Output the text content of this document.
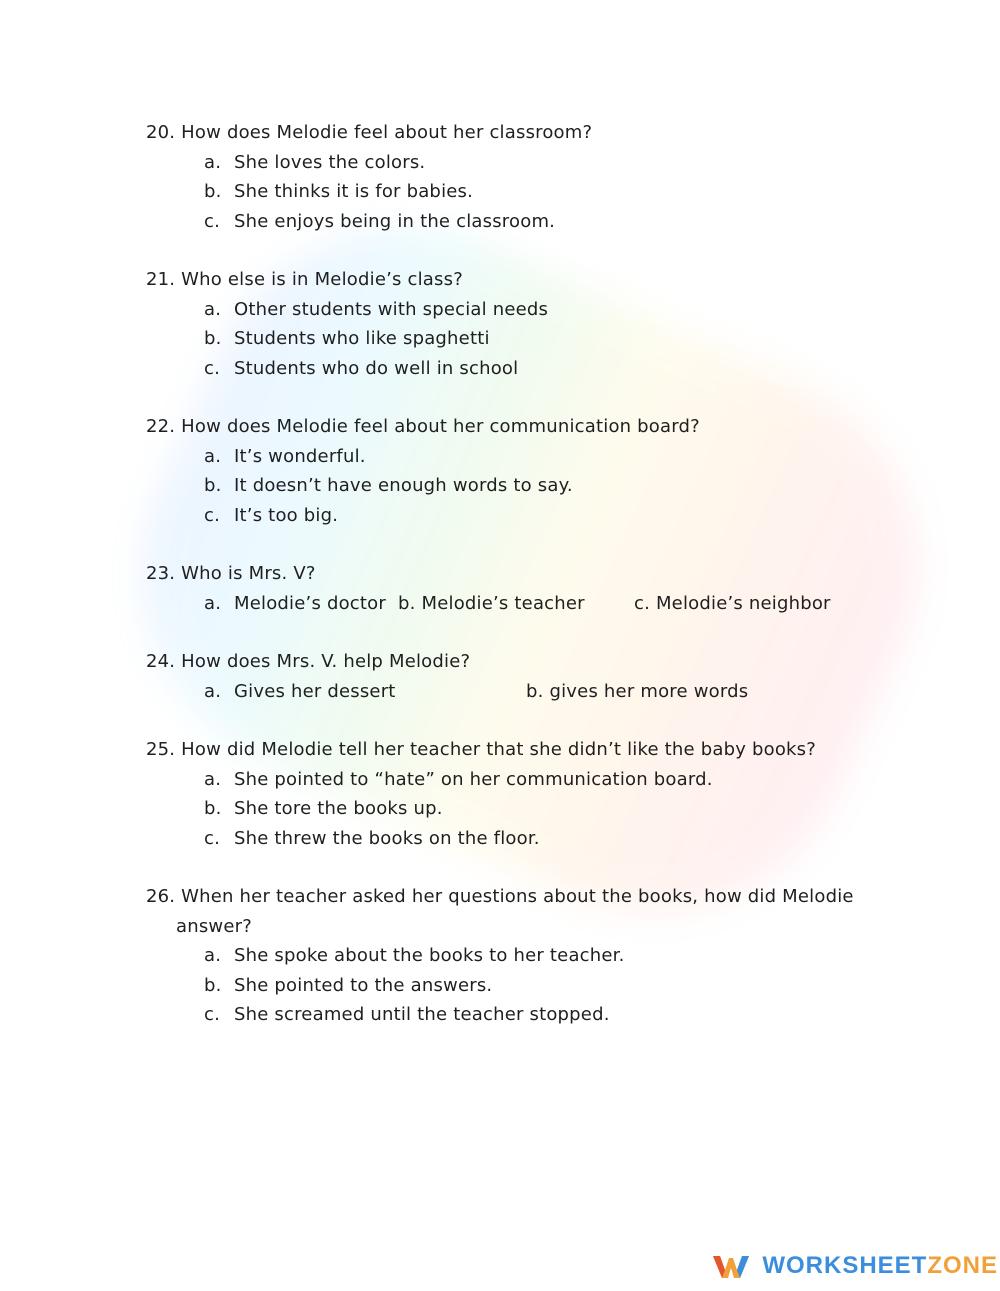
20. How does Melodie feel about her classroom?
a. She loves the colors.
b. She thinks it is for babies.
c. She enjoys being in the classroom.
21. Who else is in Melodie’s class?
a. Other students with special needs
b. Students who like spaghetti
c. Students who do well in school
22. How does Melodie feel about her communication board?
a. It’s wonderful.
b. It doesn’t have enough words to say.
c. It’s too big.
23. Who is Mrs. V?
a. Melodie’s doctor b.
Melodie’s teacher	c.
Melodie’s neighbor
24. How does Mrs. V. help Melodie?
a. Gives her dessert	b.
gives her more words
25. How did Melodie tell her teacher that she didn’t like the baby books?
a. She pointed to “hate” on her communication board.
b. She tore the books up.
c. She threw the books on the floor.
26. When her teacher asked her questions about the books, how did Melodie
answer?
a. She spoke about the books to her teacher.
b. She pointed to the answers.
c. She screamed until the teacher stopped.
WORKSHEETZONE
